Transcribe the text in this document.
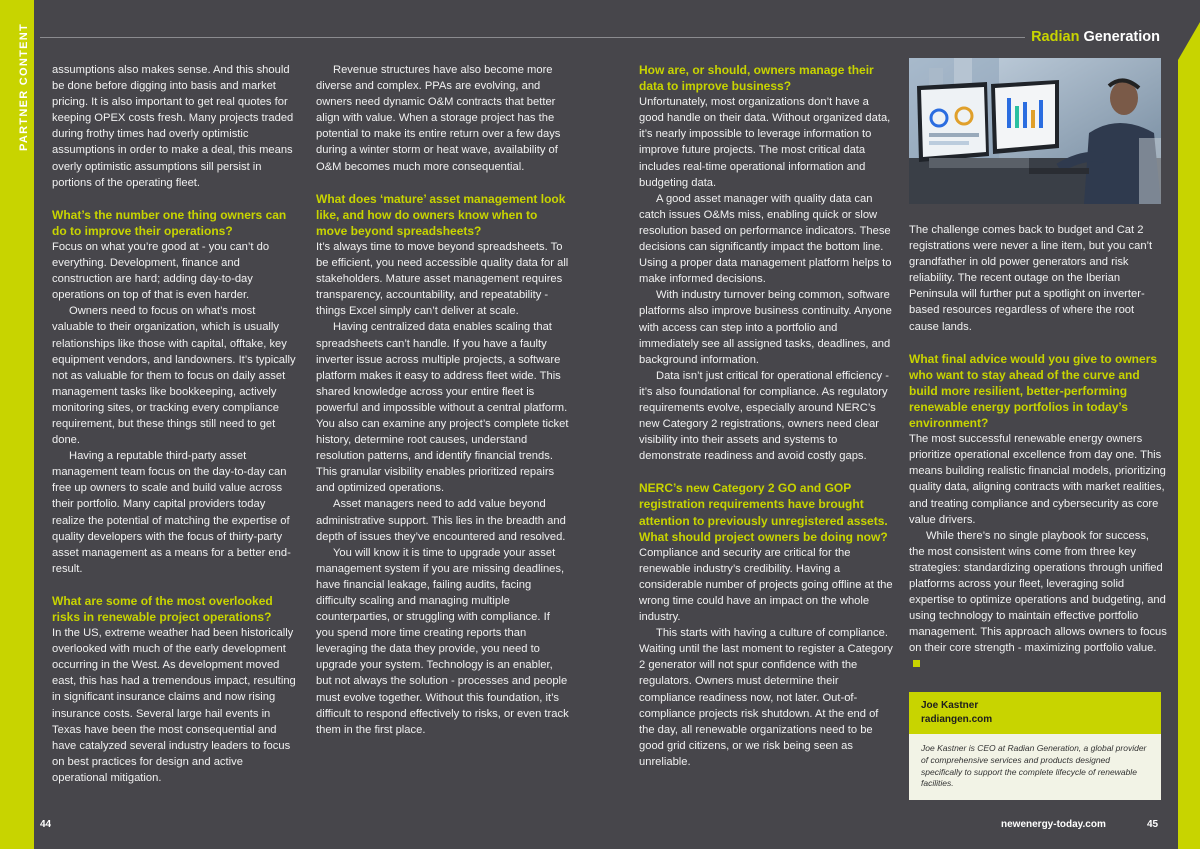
PARTNER CONTENT	Radian Generation

assumptions also makes sense. And this should be done before digging into basis and market pricing. It is also important to get real quotes for keeping OPEX costs fresh. Many projects traded during frothy times had overly optimistic assumptions in order to make a deal, this means overly optimistic assumptions sill persist in portions of the operating fleet.

What’s the number one thing owners can do to improve their operations?

Focus on what you’re good at - you can’t do everything. Development, finance and construction are hard; adding day-to-day operations on top of that is even harder.

Owners need to focus on what’s most valuable to their organization, which is usually relationships like those with capital, offtake, key equipment vendors, and landowners. It’s typically not as valuable for them to focus on daily asset management tasks like bookkeeping, actively monitoring sites, or tracking every compliance requirement, but these things still need to get done.

Having a reputable third-party asset management team focus on the day-to-day can free up owners to scale and build value across their portfolio. Many capital providers today realize the potential of matching the expertise of quality developers with the focus of thirty-party asset management as a means for a better end-result.

What are some of the most overlooked risks in renewable project operations?

In the US, extreme weather had been historically overlooked with much of the early development occurring in the West. As development moved east, this has had a tremendous impact, resulting in significant insurance claims and now rising insurance costs. Several large hail events in Texas have been the most consequential and have catalyzed several industry leaders to focus on best practices for design and active operational mitigation.

Revenue structures have also become more diverse and complex. PPAs are evolving, and owners need dynamic O&M contracts that better align with value. When a storage project has the potential to make its entire return over a few days during a winter storm or heat wave, availability of O&M becomes much more consequential.

What does ‘mature’ asset management look like, and how do owners know when to move beyond spreadsheets?

It’s always time to move beyond spreadsheets. To be efficient, you need accessible quality data for all stakeholders. Mature asset management requires transparency, accountability, and repeatability - things Excel simply can’t deliver at scale.

Having centralized data enables scaling that spreadsheets can’t handle. If you have a faulty inverter issue across multiple projects, a software platform makes it easy to address fleet wide. This shared knowledge across your entire fleet is powerful and impossible without a central platform. You also can examine any project’s complete ticket history, determine root causes, understand resolution patterns, and identify financial trends. This granular visibility enables prioritized repairs and optimized operations.

Asset managers need to add value beyond administrative support. This lies in the breadth and depth of issues they’ve encountered and resolved.

You will know it is time to upgrade your asset management system if you are missing deadlines, have financial leakage, failing audits, facing difficulty scaling and managing multiple counterparties, or struggling with compliance. If you spend more time creating reports than leveraging the data they provide, you need to upgrade your system. Technology is an enabler, but not always the solution - processes and people must evolve together. Without this foundation, it’s difficult to respond effectively to risks, or even track them in the first place.

How are, or should, owners manage their data to improve business?

Unfortunately, most organizations don’t have a good handle on their data. Without organized data, it’s nearly impossible to leverage information to improve future projects. The most critical data includes real-time operational information and budgeting data.

A good asset manager with quality data can catch issues O&Ms miss, enabling quick or slow resolution based on performance indicators. These decisions can significantly impact the bottom line. Using a proper data management platform helps to make informed decisions.

With industry turnover being common, software platforms also improve business continuity. Anyone with access can step into a portfolio and immediately see all assigned tasks, deadlines, and background information.

Data isn’t just critical for operational efficiency - it’s also foundational for compliance. As regulatory requirements evolve, especially around NERC’s new Category 2 registrations, owners need clear visibility into their assets and systems to demonstrate readiness and avoid costly gaps.

NERC’s new Category 2 GO and GOP registration requirements have brought attention to previously unregistered assets. What should project owners be doing now?

Compliance and security are critical for the renewable industry’s credibility. Having a considerable number of projects going offline at the wrong time could have an impact on the whole industry.

This starts with having a culture of compliance. Waiting until the last moment to register a Category 2 generator will not spur confidence with the regulators. Owners must determine their compliance readiness now, not later. Out-of-compliance projects risk shutdown. At the end of the day, all renewable organizations need to be good grid citizens, or we risk being seen as unreliable.

The challenge comes back to budget and Cat 2 registrations were never a line item, but you can’t grandfather in old power generators and risk reliability. The recent outage on the Iberian Peninsula will further put a spotlight on inverter-based resources regardless of where the root cause lands.

What final advice would you give to owners who want to stay ahead of the curve and build more resilient, better-performing renewable energy portfolios in today’s environment?

The most successful renewable energy owners prioritize operational excellence from day one. This means building realistic financial models, prioritizing quality data, aligning contracts with market realities, and treating compliance and cybersecurity as core value drivers.

While there’s no single playbook for success, the most consistent wins come from three key strategies: standardizing operations through unified platforms across your fleet, leveraging solid expertise to optimize operations and budgeting, and using technology to maintain effective portfolio management. This approach allows owners to focus on their core strength - maximizing portfolio value.

Joe Kastner
radiangen.com
Joe Kastner is CEO at Radian Generation, a global provider of comprehensive services and products designed specifically to support the complete lifecycle of renewable facilities.
44	newenergy-today.com	45
